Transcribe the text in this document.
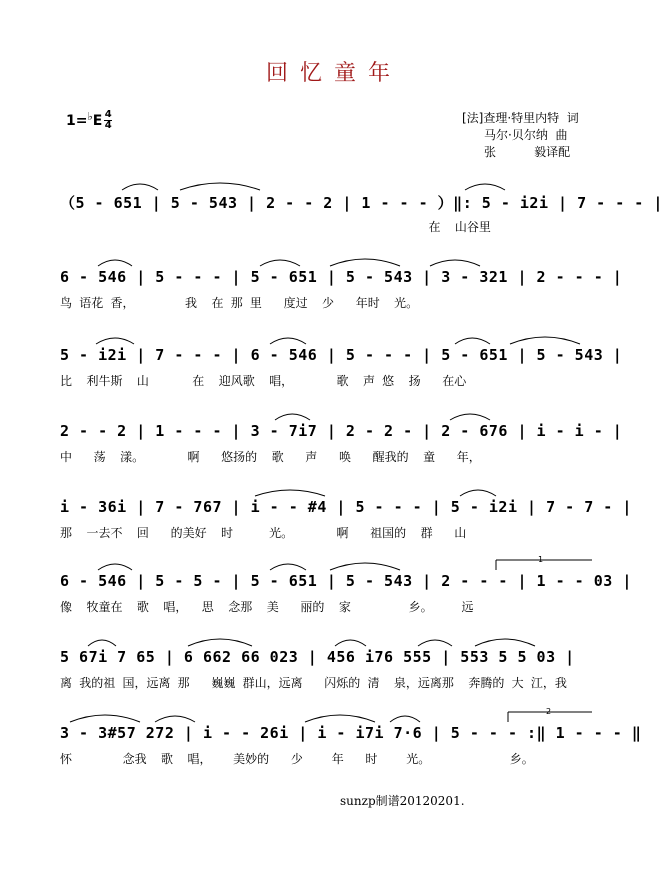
回忆童年
1= ♭ E $\frac{4}{4}$	[法]查理·特里内特  词
马尔·贝尔纳  曲
张          毅译配
（5 - 651 | 5 - 543 | 2 - - 2 | 1 - - - ）‖: 5 - i2i | 7 - - - |
在  山谷里
6 - 546 | 5 - - - | 5 - 651 | 5 - 543 | 3 - 321 | 2 - - - |
鸟 语花 香，       我  在 那 里   度过  少   年时  光。
5 - i2i | 7 - - - | 6 - 546 | 5 - - - | 5 - 651 | 5 - 543 |
比  利牛斯  山      在  迎风歌  唱，      歌  声 悠  扬   在心
2 - - 2 | 1 - - - | 3 - 7i7 | 2 - 2 - | 2 - 676 | i - i - |
中   荡  漾。      啊   悠扬的  歌   声   唤   醒我的  童   年，
i - 36i | 7 - 767 | i - - #4 | 5 - - - | 5 - i2i | 7 - 7 - |
那  一去不  回   的美好  时     光。      啊   祖国的  群   山
1
6 - 546 | 5 - 5 - | 5 - 651 | 5 - 543 | 2 - - - | 1 - - 03 |
像  牧童在  歌  唱，  思  念那  美   丽的  家        乡。    远
5 67i 7 65 | 6 662 66 023 | 456 i76 555 | 553 5 5 03 |
离 我的祖 国，远离 那   巍巍 群山，远离   闪烁的 清  泉，远离那  奔腾的 大 江，我
2
3 - 3#57 272 | i - - 26i | i - i7i 7·6 | 5 - - - :‖ 1 - - - ‖
怀       念我  歌  唱，   美妙的   少    年   时    光。           乡。
sunzp制谱20120201.
